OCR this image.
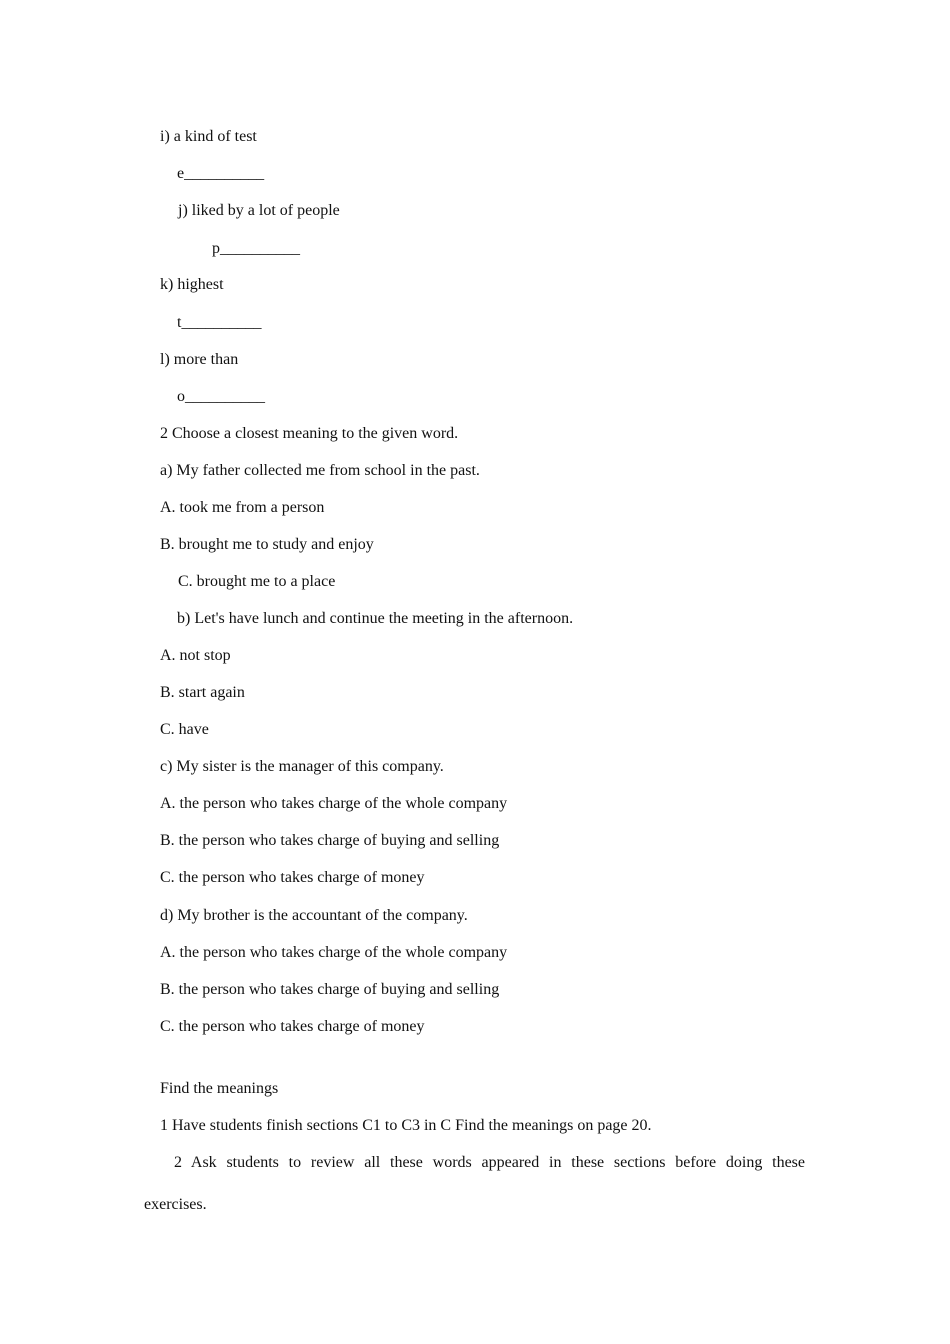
i) a kind of test
e__________
j) liked by a lot of people
p__________
k) highest
t__________
l) more than
o__________
2 Choose a closest meaning to the given word.
a) My father collected me from school in the past.
A. took me from a person
B. brought me to study and enjoy
C. brought me to a place
b) Let's have lunch and continue the meeting in the afternoon.
A. not stop
B. start again
C. have
c) My sister is the manager of this company.
A. the person who takes charge of the whole company
B. the person who takes charge of buying and selling
C. the person who takes charge of money
d) My brother is the accountant of the company.
A. the person who takes charge of the whole company
B. the person who takes charge of buying and selling
C. the person who takes charge of money
Find the meanings
1 Have students finish sections C1 to C3 in C Find the meanings on page 20.
2 Ask students to review all these words appeared in these sections before doing these
exercises.
